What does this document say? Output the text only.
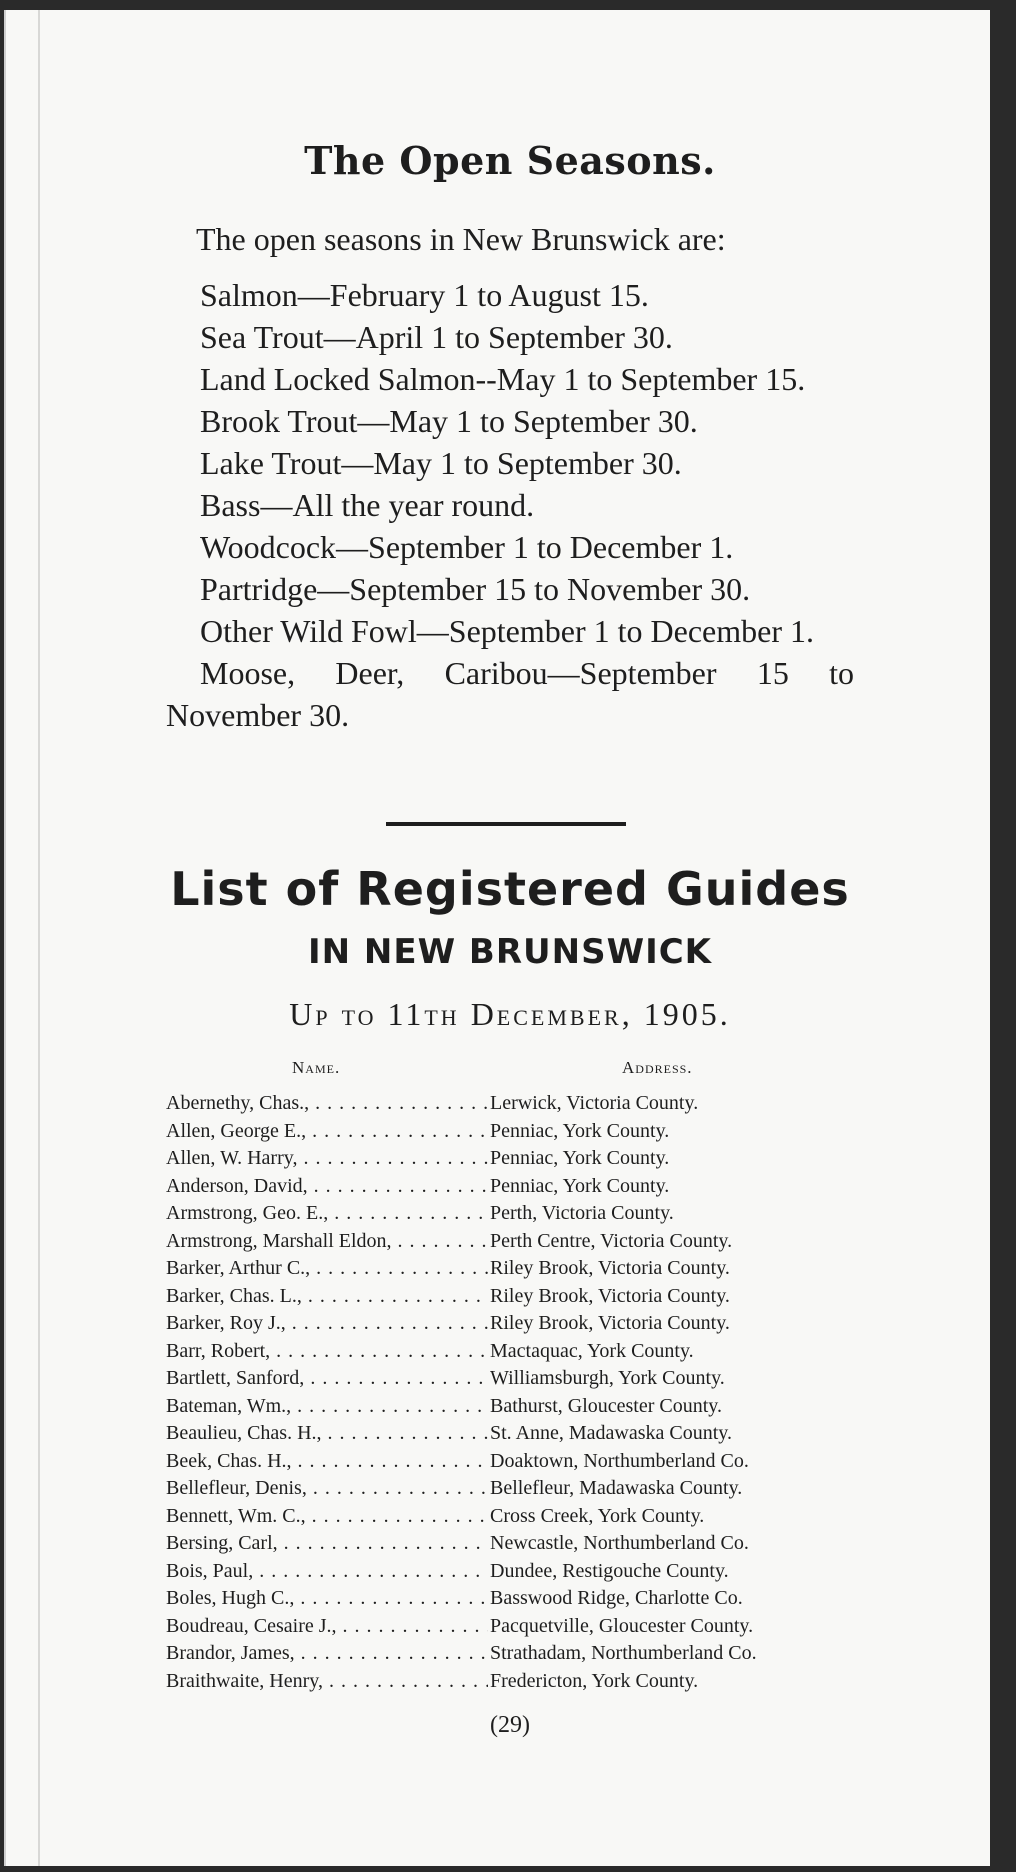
The Open Seasons.

The open seasons in New Brunswick are:

Salmon—February 1 to August 15.
Sea Trout—April 1 to September 30.
Land Locked Salmon--May 1 to September 15.
Brook Trout—May 1 to September 30.
Lake Trout—May 1 to September 30.
Bass—All the year round.
Woodcock—September 1 to December 1.
Partridge—September 15 to November 30.
Other Wild Fowl—September 1 to December 1.
Moose, Deer, Caribou—September 15 to November 30.
List of Registered Guides
IN NEW BRUNSWICK

Up to 11th December, 1905.

Name.	Address.
Abernethy, Chas., . . .	Lerwick, Victoria County.
Allen, George E., . . .	Penniac, York County.
Allen, W. Harry, . . .	Penniac, York County.
Anderson, David, . . .	Penniac, York County.
Armstrong, Geo. E., . . .	Perth, Victoria County.
Armstrong, Marshall Eldon, . . .	Perth Centre, Victoria County.
Barker, Arthur C., . . .	Riley Brook, Victoria County.
Barker, Chas. L., . . .	Riley Brook, Victoria County.
Barker, Roy J., . . .	Riley Brook, Victoria County.
Barr, Robert, . . .	Mactaquac, York County.
Bartlett, Sanford, . . .	Williamsburgh, York County.
Bateman, Wm., . . .	Bathurst, Gloucester County.
Beaulieu, Chas. H., . . .	St. Anne, Madawaska County.
Beek, Chas. H., . . .	Doaktown, Northumberland Co.
Bellefleur, Denis, . . .	Bellefleur, Madawaska County.
Bennett, Wm. C., . . .	Cross Creek, York County.
Bersing, Carl, . . .	Newcastle, Northumberland Co.
Bois, Paul, . . .	Dundee, Restigouche County.
Boles, Hugh C., . . .	Basswood Ridge, Charlotte Co.
Boudreau, Cesaire J., . . .	Pacquetville, Gloucester County.
Brandor, James, . . .	Strathadam, Northumberland Co.
Braithwaite, Henry, . . .	Fredericton, York County.
(29)
